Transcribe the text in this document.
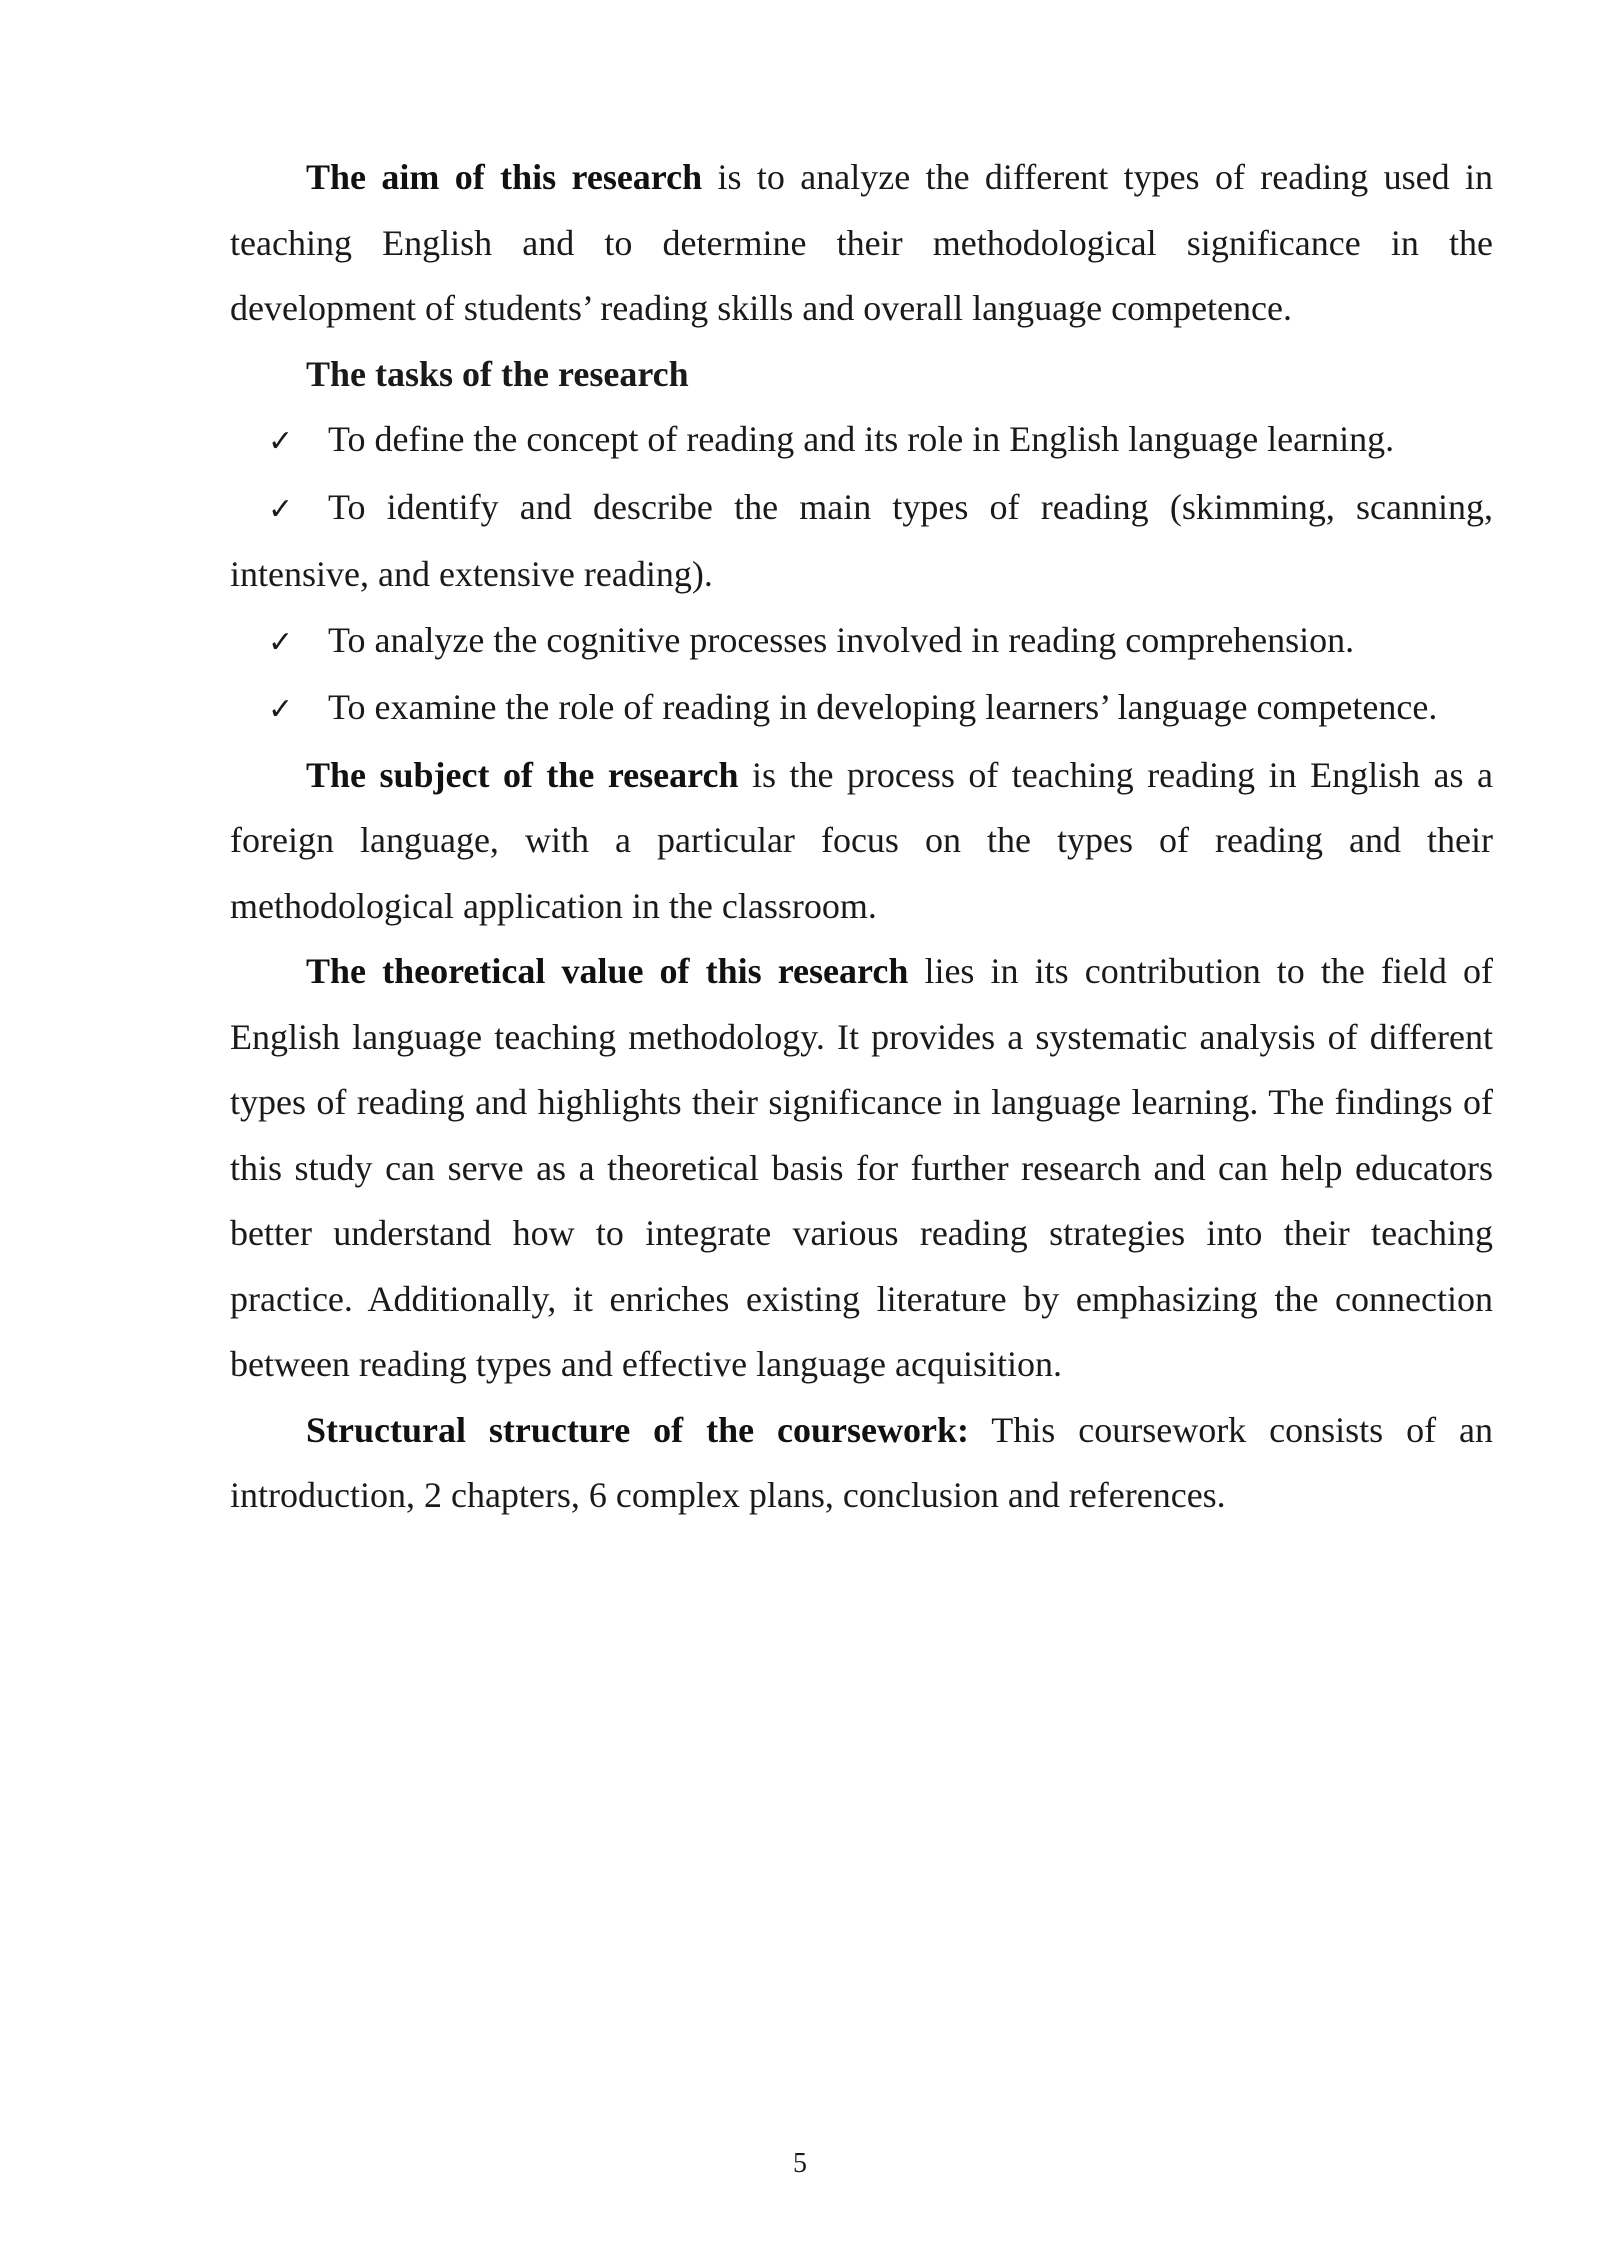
The aim of this research is to analyze the different types of reading used in teaching English and to determine their methodological significance in the development of students’ reading skills and overall language competence.

The tasks of the research

✓ To define the concept of reading and its role in English language learning.

✓ To identify and describe the main types of reading (skimming, scanning, intensive, and extensive reading).

✓ To analyze the cognitive processes involved in reading comprehension.

✓ To examine the role of reading in developing learners’ language competence.

The subject of the research is the process of teaching reading in English as a foreign language, with a particular focus on the types of reading and their methodological application in the classroom.

The theoretical value of this research lies in its contribution to the field of English language teaching methodology. It provides a systematic analysis of different types of reading and highlights their significance in language learning. The findings of this study can serve as a theoretical basis for further research and can help educators better understand how to integrate various reading strategies into their teaching practice. Additionally, it enriches existing literature by emphasizing the connection between reading types and effective language acquisition.

Structural structure of the coursework: This coursework consists of an introduction, 2 chapters, 6 complex plans, conclusion and references.

5
